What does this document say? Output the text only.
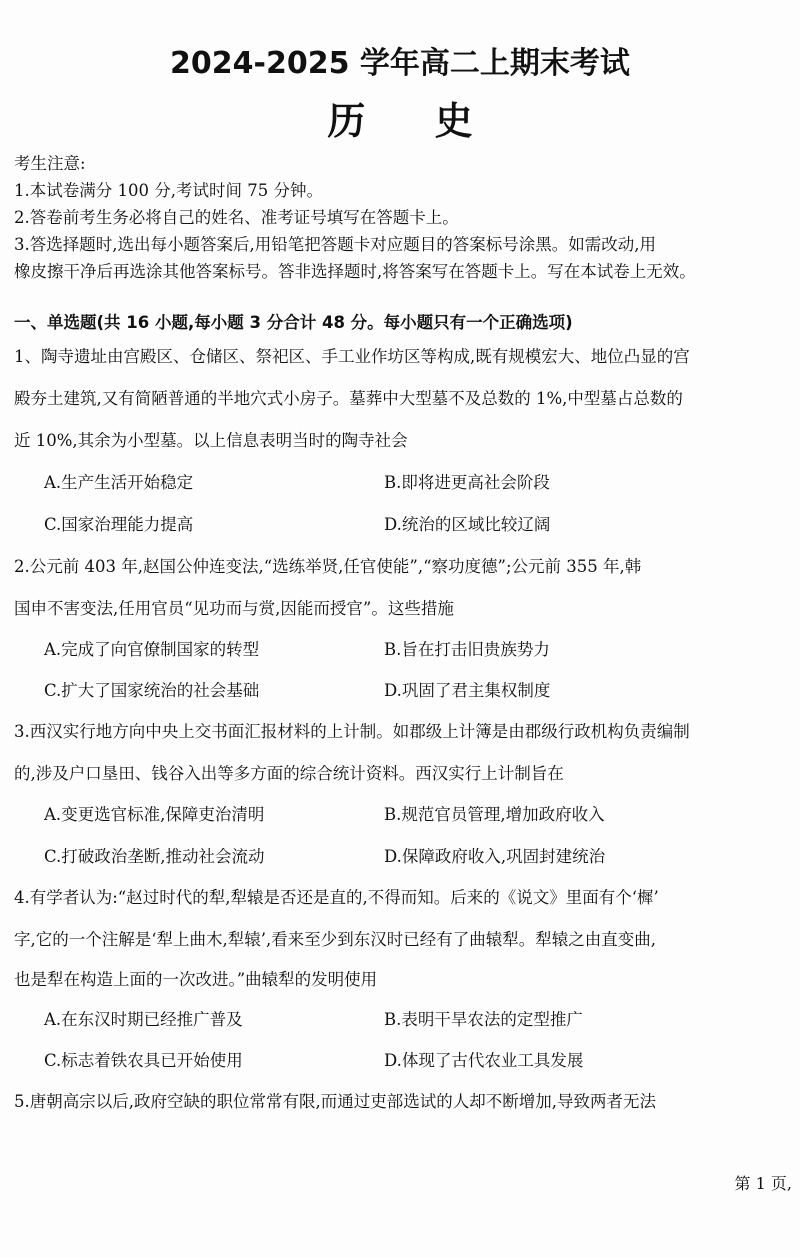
2024-2025 学年高二上期末考试
历 史
考生注意:
1.本试卷满分 100 分,考试时间 75 分钟。
2.答卷前考生务必将自己的姓名、准考证号填写在答题卡上。
3.答选择题时,选出每小题答案后,用铅笔把答题卡对应题目的答案标号涂黑。如需改动,用
橡皮擦干净后再选涂其他答案标号。答非选择题时,将答案写在答题卡上。写在本试卷上无效。
一、单选题(共 16 小题,每小题 3 分合计 48 分。每小题只有一个正确选项)
1、陶寺遗址由宫殿区、仓储区、祭祀区、手工业作坊区等构成,既有规模宏大、地位凸显的宫
殿夯土建筑,又有简陋普通的半地穴式小房子。墓葬中大型墓不及总数的 1%,中型墓占总数的
近 10%,其余为小型墓。以上信息表明当时的陶寺社会
A.生产生活开始稳定	B.即将进更高社会阶段
C.国家治理能力提高	D.统治的区域比较辽阔
2.公元前 403 年,赵国公仲连变法,“选练举贤,任官使能”,“察功度德”;公元前 355 年,韩
国申不害变法,任用官员“见功而与赏,因能而授官”。这些措施
A.完成了向官僚制国家的转型	B.旨在打击旧贵族势力
C.扩大了国家统治的社会基础	D.巩固了君主集权制度
3.西汉实行地方向中央上交书面汇报材料的上计制。如郡级上计簿是由郡级行政机构负责编制
的,涉及户口垦田、钱谷入出等多方面的综合统计资料。西汉实行上计制旨在
A.变更选官标准,保障吏治清明	B.规范官员管理,增加政府收入
C.打破政治垄断,推动社会流动	D.保障政府收入,巩固封建统治
4.有学者认为:“赵过时代的犁,犁辕是否还是直的,不得而知。后来的《说文》里面有个‘樨’
字,它的一个注解是‘犁上曲木,犁辕’,看来至少到东汉时已经有了曲辕犁。犁辕之由直变曲,
也是犁在构造上面的一次改进。”曲辕犁的发明使用
A.在东汉时期已经推广普及	B.表明干旱农法的定型推广
C.标志着铁农具已开始使用	D.体现了古代农业工具发展
5.唐朝高宗以后,政府空缺的职位常常有限,而通过吏部选试的人却不断增加,导致两者无法
第 1 页,
